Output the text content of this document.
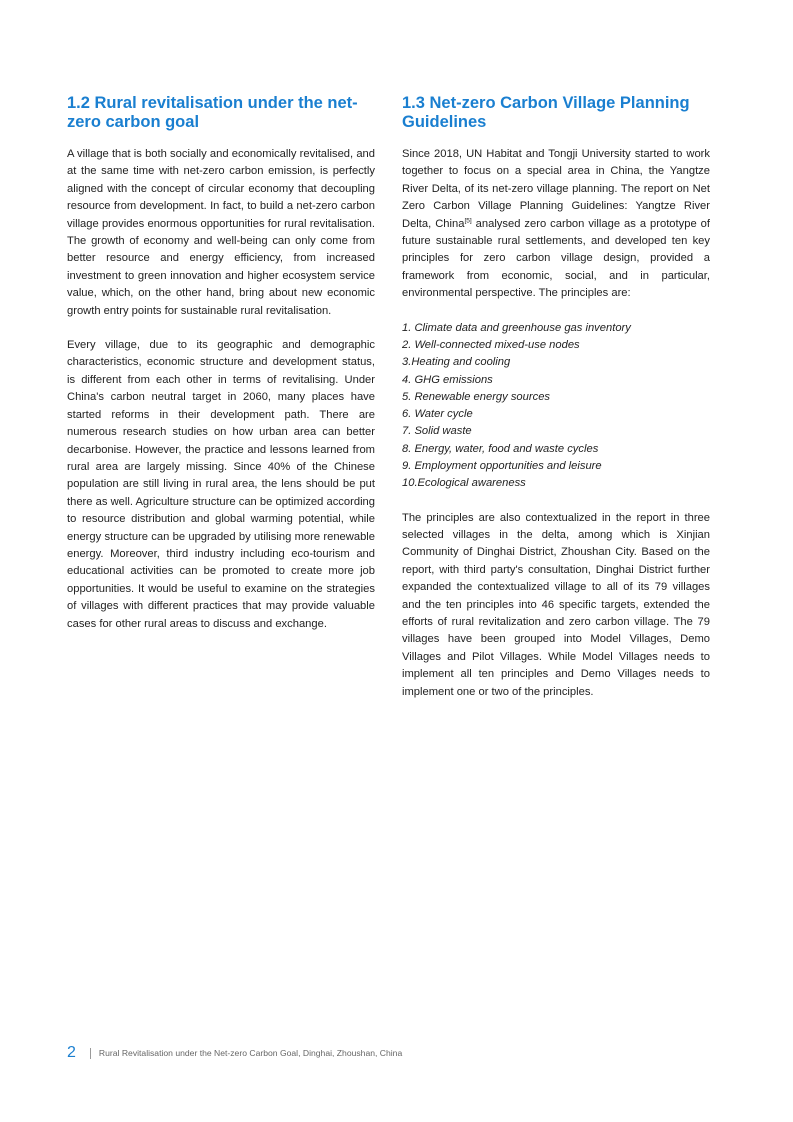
1.2 Rural revitalisation under the net-zero carbon goal

A village that is both socially and economically revitalised, and at the same time with net-zero carbon emission, is perfectly aligned with the concept of circular economy that decoupling resource from development. In fact, to build a net-zero carbon village provides enormous opportunities for rural revitalisation. The growth of economy and well-being can only come from better resource and energy efficiency, from increased investment to green innovation and higher ecosystem service value, which, on the other hand, bring about new economic growth entry points for sustainable rural revitalisation.

Every village, due to its geographic and demographic characteristics, economic structure and development status, is different from each other in terms of revitalising. Under China's carbon neutral target in 2060, many places have started reforms in their development path. There are numerous research studies on how urban area can better decarbonise. However, the practice and lessons learned from rural area are largely missing. Since 40% of the Chinese population are still living in rural area, the lens should be put there as well. Agriculture structure can be optimized according to resource distribution and global warming potential, while energy structure can be upgraded by utilising more renewable energy. Moreover, third industry including eco-tourism and educational activities can be promoted to create more job opportunities. It would be useful to examine on the strategies of villages with different practices that may provide valuable cases for other rural areas to discuss and exchange.

1.3 Net-zero Carbon Village Planning Guidelines

Since 2018, UN Habitat and Tongji University started to work together to focus on a special area in China, the Yangtze River Delta, of its net-zero village planning. The report on Net Zero Carbon Village Planning Guidelines: Yangtze River Delta, China[5] analysed zero carbon village as a prototype of future sustainable rural settlements, and developed ten key principles for zero carbon village design, provided a framework from economic, social, and in particular, environmental perspective. The principles are:

1. Climate data and greenhouse gas inventory
2. Well-connected mixed-use nodes
3.Heating and cooling
4. GHG emissions
5. Renewable energy sources
6. Water cycle
7. Solid waste
8. Energy, water, food and waste cycles
9. Employment opportunities and leisure
10.Ecological awareness

The principles are also contextualized in the report in three selected villages in the delta, among which is Xinjian Community of Dinghai District, Zhoushan City. Based on the report, with third party's consultation, Dinghai District further expanded the contextualized village to all of its 79 villages and the ten principles into 46 specific targets, extended the efforts of rural revitalization and zero carbon village. The 79 villages have been grouped into Model Villages, Demo Villages and Pilot Villages. While Model Villages needs to implement all ten principles and Demo Villages needs to implement one or two of the principles.

2	Rural Revitalisation under the Net-zero Carbon Goal, Dinghai, Zhoushan, China
